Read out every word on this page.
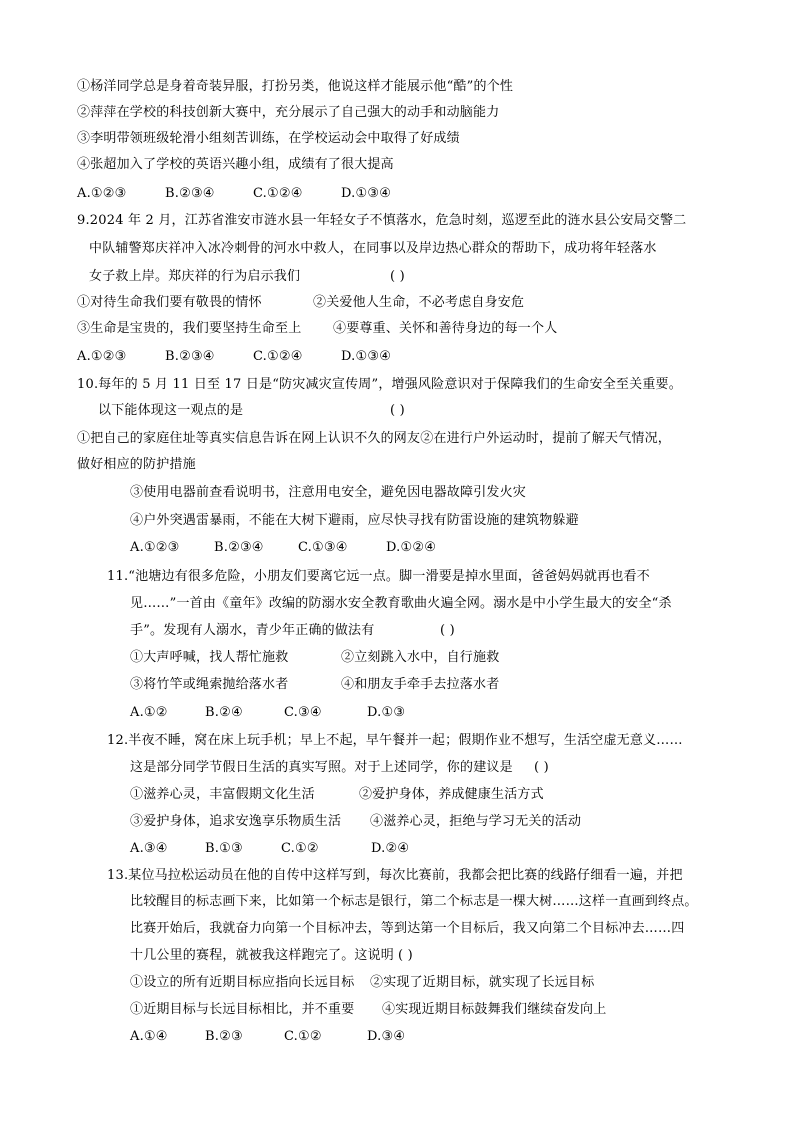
①杨洋同学总是身着奇装异服，打扮另类，他说这样才能展示他“酷”的个性
②萍萍在学校的科技创新大赛中，充分展示了自己强大的动手和动脑能力
③李明带领班级轮滑小组刻苦训练，在学校运动会中取得了好成绩
④张超加入了学校的英语兴趣小组，成绩有了很大提高
A.①②③	B.②③④	C.①②④	D.①③④
9.2024 年 2 月，江苏省淮安市涟水县一年轻女子不慎落水，危急时刻，巡逻至此的涟水县公安局交警二
中队辅警郑庆祥冲入冰冷刺骨的河水中救人，在同事以及岸边热心群众的帮助下，成功将年轻落水
女子救上岸。郑庆祥的行为启示我们	( )
①对待生命我们要有敬畏的情怀	②关爱他人生命，不必考虑自身安危
③生命是宝贵的，我们要坚持生命至上 ④要尊重、关怀和善待身边的每一个人
A.①②③	B.②③④	C.①②④	D.①③④
10.每年的 5 月 11 日至 17 日是“防灾减灾宣传周”，增强风险意识对于保障我们的生命安全至关重要。
以下能体现这一观点的是	( )
①把自己的家庭住址等真实信息告诉在网上认识不久的网友②在进行户外运动时，提前了解天气情况，
做好相应的防护措施
③使用电器前查看说明书，注意用电安全，避免因电器故障引发火灾
④户外突遇雷暴雨，不能在大树下避雨，应尽快寻找有防雷设施的建筑物躲避
A.①②③	B.②③④	C.①③④	D.①②④
11.“池塘边有很多危险，小朋友们要离它远一点。脚一滑要是掉水里面，爸爸妈妈就再也看不
见……”一首由《童年》改编的防溺水安全教育歌曲火遍全网。溺水是中小学生最大的安全“杀
手”。发现有人溺水，青少年正确的做法有	( )
①大声呼喊，找人帮忙施救	②立刻跳入水中，自行施救
③将竹竿或绳索抛给落水者	④和朋友手牵手去拉落水者
A.①②	B.②④	C.③④	D.①③
12.半夜不睡，窝在床上玩手机；早上不起，早午餐并一起；假期作业不想写，生活空虚无意义……
这是部分同学节假日生活的真实写照。对于上述同学，你的建议是 ( )
①滋养心灵，丰富假期文化生活	②爱护身体，养成健康生活方式
③爱护身体，追求安逸享乐物质生活 ④滋养心灵，拒绝与学习无关的活动
A.③④	B.①③	C.①②	D.②④
13.某位马拉松运动员在他的自传中这样写到，每次比赛前，我都会把比赛的线路仔细看一遍，并把
比较醒目的标志画下来，比如第一个标志是银行，第二个标志是一棵大树……这样一直画到终点。
比赛开始后，我就奋力向第一个目标冲去，等到达第一个目标后，我又向第二个目标冲去……四
十几公里的赛程，就被我这样跑完了。这说明 ( )
①设立的所有近期目标应指向长远目标 ②实现了近期目标，就实现了长远目标
①近期目标与长远目标相比，并不重要 ④实现近期目标鼓舞我们继续奋发向上
A.①④	B.②③	C.①②	D.③④
